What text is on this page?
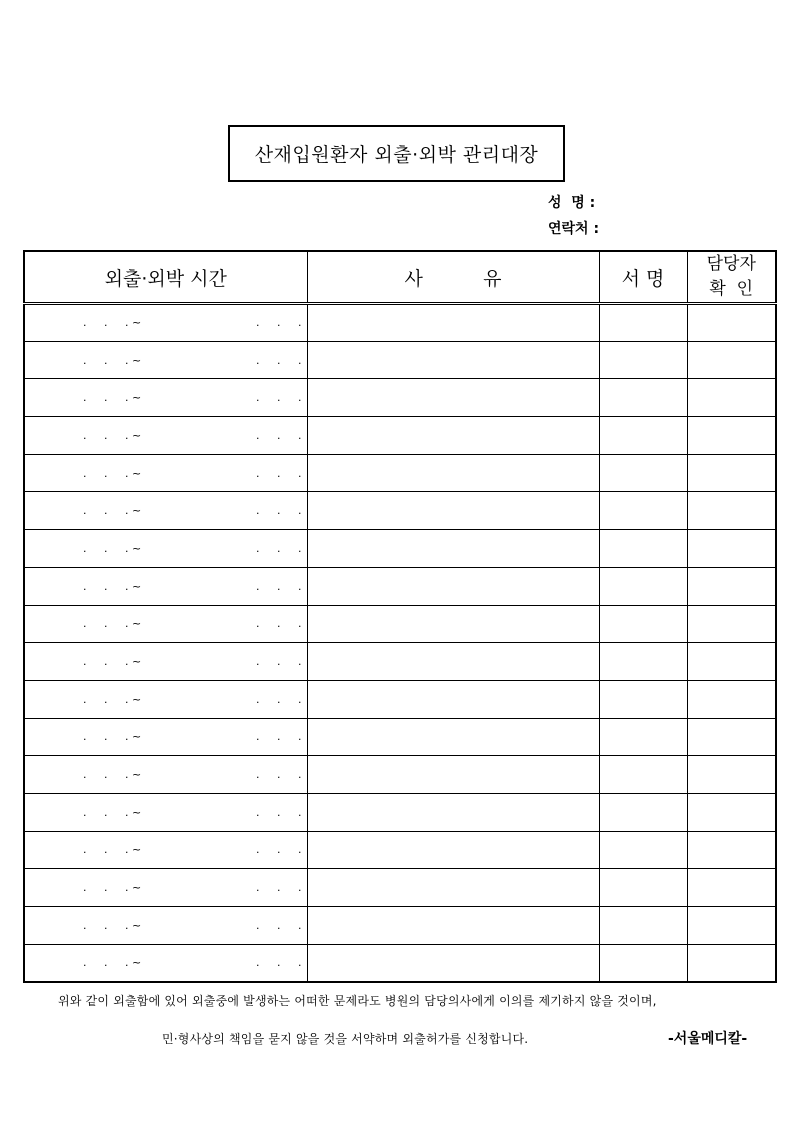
산재입원환자 외출·외박 관리대장
성  명 :
연락처 :
외출·외박 시간	사          유	서 명	담당자
확  인

.     .     . ~ .     .     .			

.     .     . ~ .     .     .			

.     .     . ~ .     .     .			

.     .     . ~ .     .     .			

.     .     . ~ .     .     .			

.     .     . ~ .     .     .			

.     .     . ~ .     .     .			

.     .     . ~ .     .     .			

.     .     . ~ .     .     .			

.     .     . ~ .     .     .			

.     .     . ~ .     .     .			

.     .     . ~ .     .     .			

.     .     . ~ .     .     .			

.     .     . ~ .     .     .			

.     .     . ~ .     .     .			

.     .     . ~ .     .     .			

.     .     . ~ .     .     .			

.     .     . ~ .     .     .			

위와 같이 외출함에 있어 외출중에 발생하는 어떠한 문제라도 병원의 담당의사에게 이의를 제기하지 않을 것이며,
민·형사상의 책임을 묻지 않을 것을 서약하며 외출허가를 신청합니다.	-서울메디칼-
